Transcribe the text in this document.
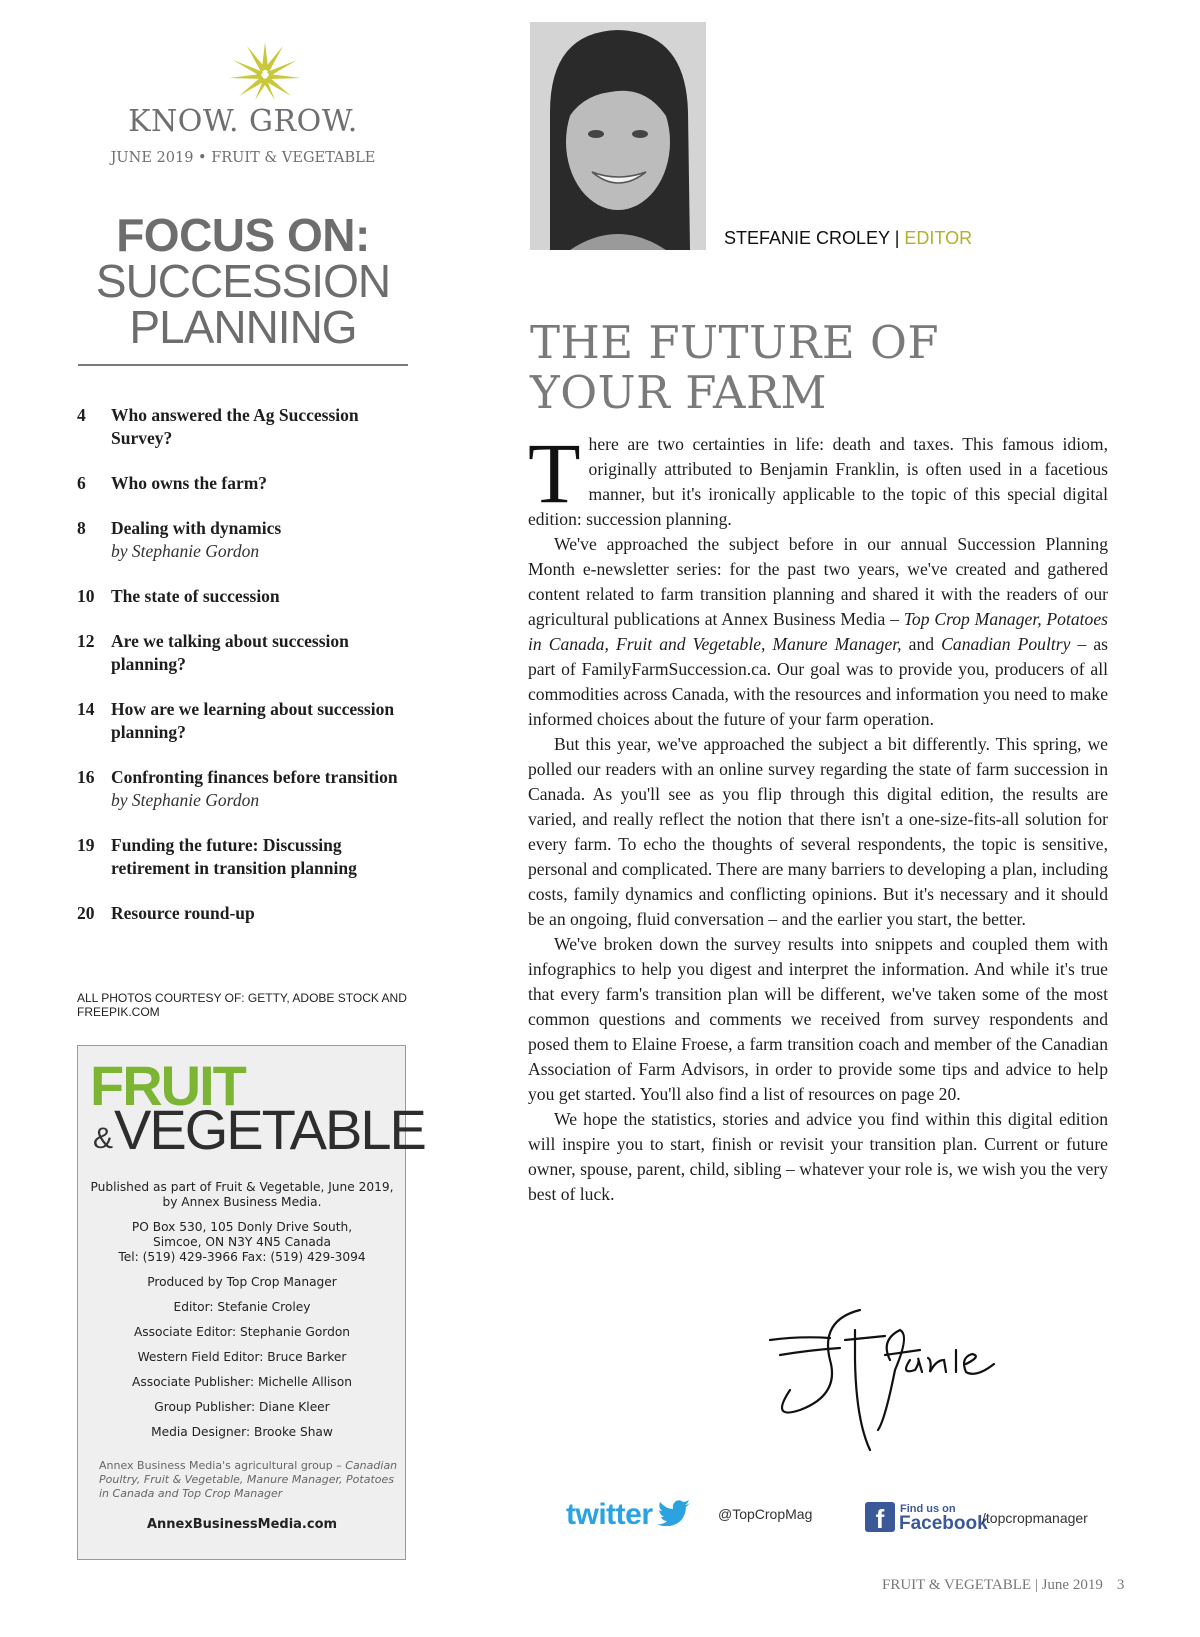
KNOW. GROW.
JUNE 2019 • FRUIT & VEGETABLE
FOCUS ON:
SUCCESSION
PLANNING
4	Who answered the Ag Succession Survey?
6	Who owns the farm?
8	Dealing with dynamics
by Stephanie Gordon
10 The state of succession
12 Are we talking about succession planning?
14 How are we learning about succession planning?
16 Confronting finances before transition
by Stephanie Gordon
19 Funding the future: Discussing retirement in transition planning
20 Resource round-up
ALL PHOTOS COURTESY OF: GETTY, ADOBE STOCK AND FREEPIK.COM
FRUIT
& VEGETABLE

Published as part of Fruit & Vegetable, June 2019, by Annex Business Media.

PO Box 530, 105 Donly Drive South,
Simcoe, ON N3Y 4N5 Canada
Tel: (519) 429-3966 Fax: (519) 429-3094

Produced by Top Crop Manager

Editor: Stefanie Croley

Associate Editor: Stephanie Gordon

Western Field Editor: Bruce Barker

Associate Publisher: Michelle Allison

Group Publisher: Diane Kleer

Media Designer: Brooke Shaw

Annex Business Media's agricultural group – Canadian Poultry, Fruit & Vegetable, Manure Manager, Potatoes in Canada and Top Crop Manager
AnnexBusinessMedia.com
STEFANIE CROLEY | EDITOR
THE FUTURE OF
YOUR FARM

There are two certainties in life: death and taxes. This famous idiom, originally attributed to Benjamin Franklin, is often used in a facetious manner, but it's ironically applicable to the topic of this special digital edition: succession planning.

We've approached the subject before in our annual Succession Planning Month e-newsletter series: for the past two years, we've created and gathered content related to farm transition planning and shared it with the readers of our agricultural publications at Annex Business Media – Top Crop Manager, Potatoes in Canada, Fruit and Vegetable, Manure Manager, and Canadian Poultry – as part of FamilyFarmSuccession.ca. Our goal was to provide you, producers of all commodities across Canada, with the resources and information you need to make informed choices about the future of your farm operation.

But this year, we've approached the subject a bit differently. This spring, we polled our readers with an online survey regarding the state of farm succession in Canada. As you'll see as you flip through this digital edition, the results are varied, and really reflect the notion that there isn't a one-size-fits-all solution for every farm. To echo the thoughts of several respondents, the topic is sensitive, personal and complicated. There are many barriers to developing a plan, including costs, family dynamics and conflicting opinions. But it's necessary and it should be an ongoing, fluid conversation – and the earlier you start, the better.

We've broken down the survey results into snippets and coupled them with infographics to help you digest and interpret the information. And while it's true that every farm's transition plan will be different, we've taken some of the most common questions and comments we received from survey respondents and posed them to Elaine Froese, a farm transition coach and member of the Canadian Association of Farm Advisors, in order to provide some tips and advice to help you get started. You'll also find a list of resources on page 20.

We hope the statistics, stories and advice you find within this digital edition will inspire you to start, finish or revisit your transition plan. Current or future owner, spouse, parent, child, sibling – whatever your role is, we wish you the very best of luck.

twitter	@TopCropMag	f	Find us on
Facebook
/topcropmanager
FRUIT & VEGETABLE | June 2019 3
